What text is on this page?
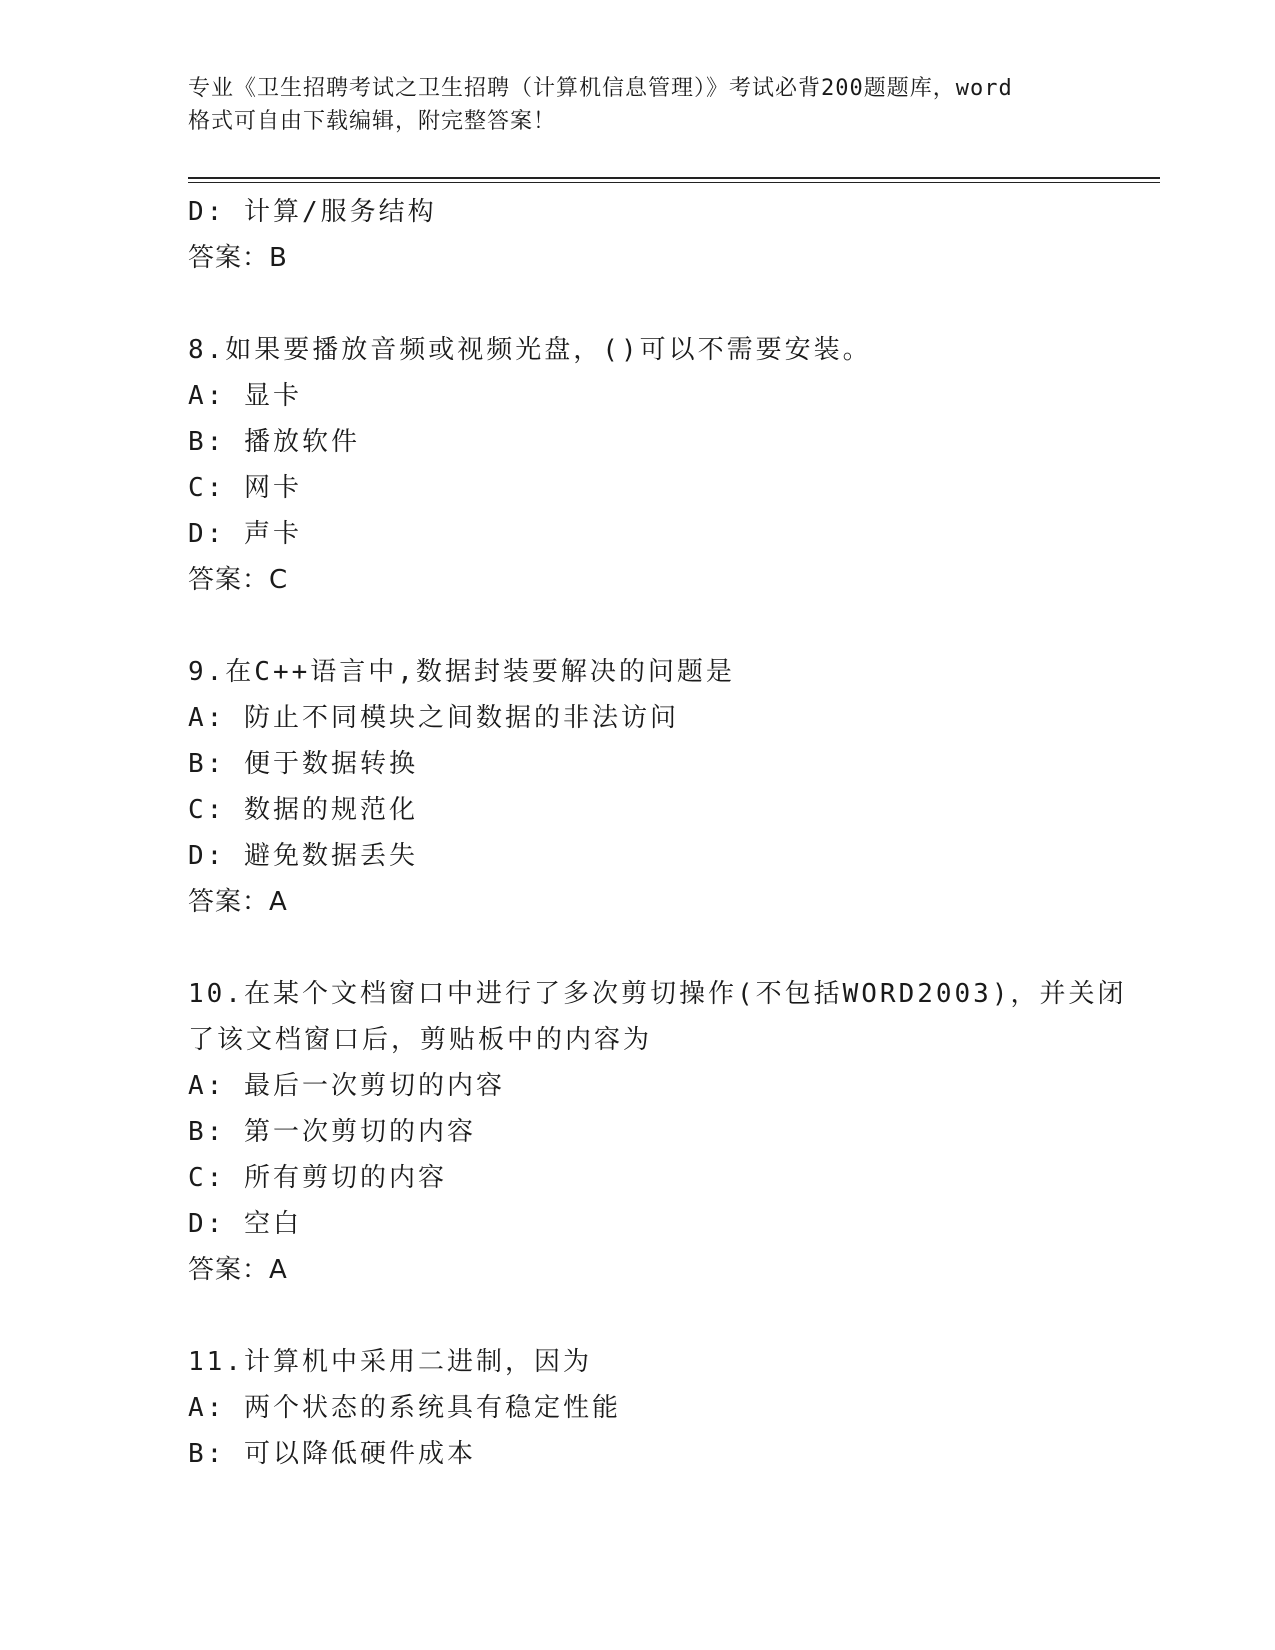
专业《卫生招聘考试之卫生招聘（计算机信息管理）》考试必背200题题库，word
格式可自由下载编辑，附完整答案！
D: 计算/服务结构
答案：B
8.如果要播放音频或视频光盘，()可以不需要安装。
A: 显卡
B: 播放软件
C: 网卡
D: 声卡
答案：C
9.在C++语言中,数据封装要解决的问题是
A: 防止不同模块之间数据的非法访问
B: 便于数据转换
C: 数据的规范化
D: 避免数据丢失
答案：A
10.在某个文档窗口中进行了多次剪切操作(不包括WORD2003)，并关闭
了该文档窗口后，剪贴板中的内容为
A: 最后一次剪切的内容
B: 第一次剪切的内容
C: 所有剪切的内容
D: 空白
答案：A
11.计算机中采用二进制，因为
A: 两个状态的系统具有稳定性能
B: 可以降低硬件成本
